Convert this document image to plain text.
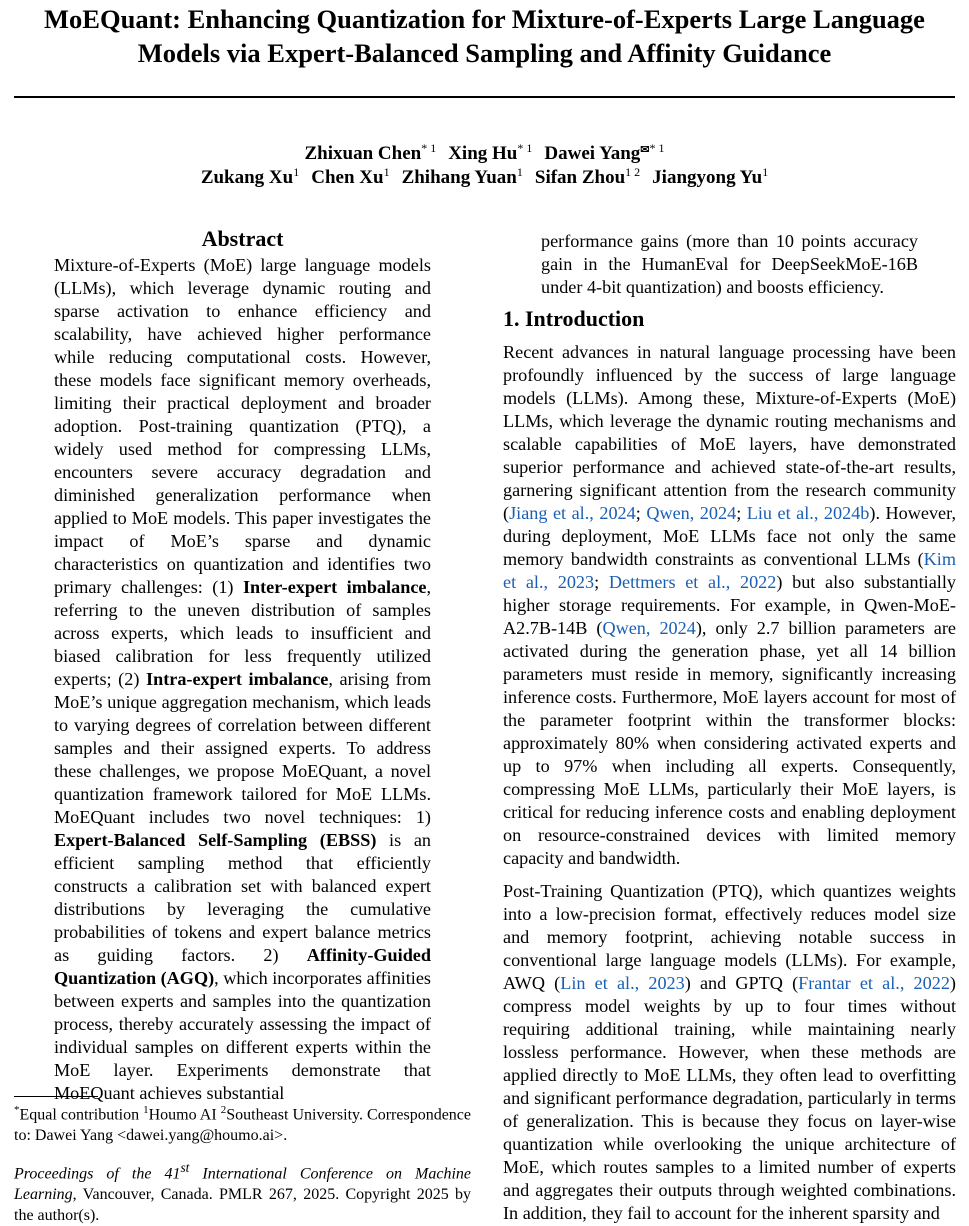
MoEQuant: Enhancing Quantization for Mixture-of-Experts Large Language
Models via Expert-Balanced Sampling and Affinity Guidance
Zhixuan Chen$^{* 1}$ Xing Hu$^{* 1}$ Dawei Yang$^{✉* 1}$
Zukang Xu$^1$ Chen Xu$^1$ Zhihang Yuan$^1$ Sifan Zhou$^{1 2}$ Jiangyong Yu$^1$
Abstract

Mixture-of-Experts (MoE) large language models (LLMs), which leverage dynamic routing and sparse activation to enhance efficiency and scalability, have achieved higher performance while reducing computational costs. However, these models face significant memory overheads, limiting their practical deployment and broader adoption. Post-training quantization (PTQ), a widely used method for compressing LLMs, encounters severe accuracy degradation and diminished generalization performance when applied to MoE models. This paper investigates the impact of MoE’s sparse and dynamic characteristics on quantization and identifies two primary challenges: (1) Inter-expert imbalance, referring to the uneven distribution of samples across experts, which leads to insufficient and biased calibration for less frequently utilized experts; (2) Intra-expert imbalance, arising from MoE’s unique aggregation mechanism, which leads to varying degrees of correlation between different samples and their assigned experts. To address these challenges, we propose MoEQuant, a novel quantization framework tailored for MoE LLMs. MoEQuant includes two novel techniques: 1) Expert-Balanced Self-Sampling (EBSS) is an efficient sampling method that efficiently constructs a calibration set with balanced expert distributions by leveraging the cumulative probabilities of tokens and expert balance metrics as guiding factors. 2) Affinity-Guided Quantization (AGQ), which incorporates affinities between experts and samples into the quantization process, thereby accurately assessing the impact of individual samples on different experts within the MoE layer. Experiments demonstrate that MoEQuant achieves substantial

performance gains (more than 10 points accuracy gain in the HumanEval for DeepSeekMoE-16B under 4-bit quantization) and boosts efficiency.

1. Introduction

Recent advances in natural language processing have been profoundly influenced by the success of large language models (LLMs). Among these, Mixture-of-Experts (MoE) LLMs, which leverage the dynamic routing mechanisms and scalable capabilities of MoE layers, have demonstrated superior performance and achieved state-of-the-art results, garnering significant attention from the research community (Jiang et al., 2024; Qwen, 2024; Liu et al., 2024b). However, during deployment, MoE LLMs face not only the same memory bandwidth constraints as conventional LLMs (Kim et al., 2023; Dettmers et al., 2022) but also substantially higher storage requirements. For example, in Qwen-MoE-A2.7B-14B (Qwen, 2024), only 2.7 billion parameters are activated during the generation phase, yet all 14 billion parameters must reside in memory, significantly increasing inference costs. Furthermore, MoE layers account for most of the parameter footprint within the transformer blocks: approximately 80% when considering activated experts and up to 97% when including all experts. Consequently, compressing MoE LLMs, particularly their MoE layers, is critical for reducing inference costs and enabling deployment on resource-constrained devices with limited memory capacity and bandwidth.

Post-Training Quantization (PTQ), which quantizes weights into a low-precision format, effectively reduces model size and memory footprint, achieving notable success in conventional large language models (LLMs). For example, AWQ (Lin et al., 2023) and GPTQ (Frantar et al., 2022) compress model weights by up to four times without requiring additional training, while maintaining nearly lossless performance. However, when these methods are applied directly to MoE LLMs, they often lead to overfitting and significant performance degradation, particularly in terms of generalization. This is because they focus on layer-wise quantization while overlooking the unique architecture of MoE, which routes samples to a limited number of experts and aggregates their outputs through weighted combinations. In addition, they fail to account for the inherent sparsity and

*Equal contribution $^1$Houmo AI $^2$Southeast University. Correspondence to: Dawei Yang <dawei.yang@houmo.ai>.
Proceedings of the 41st International Conference on Machine Learning, Vancouver, Canada. PMLR 267, 2025. Copyright 2025 by the author(s).
